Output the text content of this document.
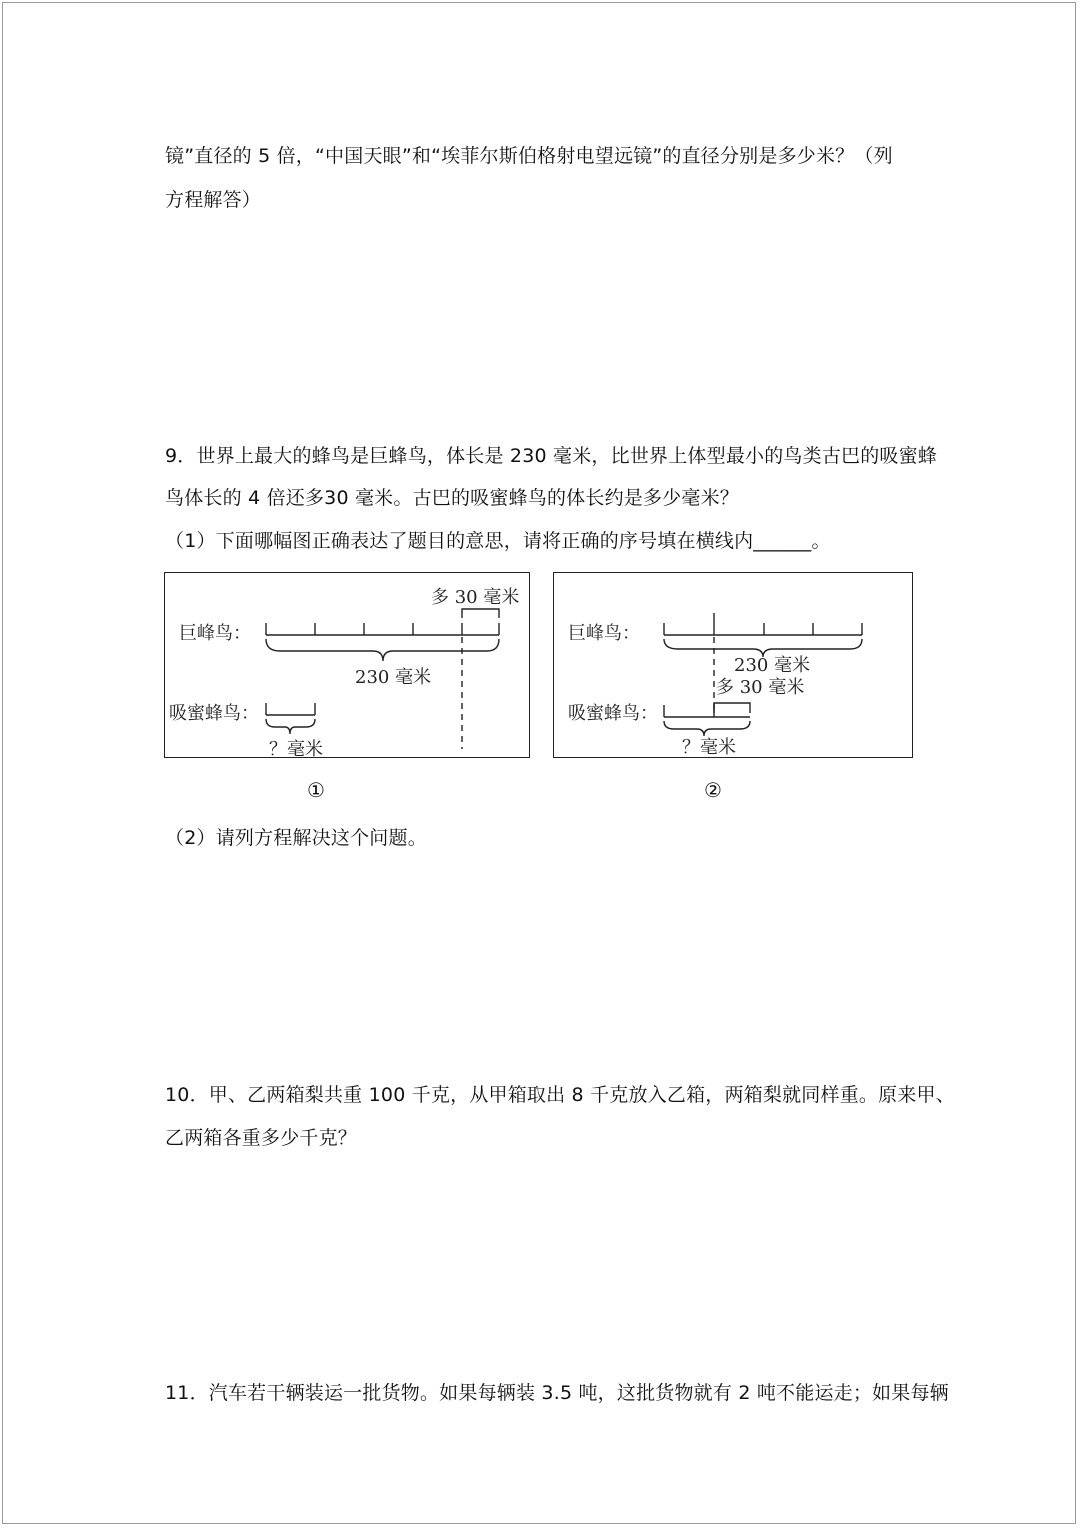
镜”直径的 5 倍，“中国天眼”和“埃菲尔斯伯格射电望远镜”的直径分别是多少米？（列
方程解答）
9．世界上最大的蜂鸟是巨蜂鸟，体长是 230 毫米，比世界上体型最小的鸟类古巴的吸蜜蜂
鸟体长的 4 倍还多30 毫米。古巴的吸蜜蜂鸟的体长约是多少毫米？
（1）下面哪幅图正确表达了题目的意思，请将正确的序号填在横线内______。
巨峰鸟：
吸蜜蜂鸟：
多 30 毫米
230 毫米
？毫米
①
巨峰鸟：
吸蜜蜂鸟：
230 毫米
多 30 毫米
？毫米
②
（2）请列方程解决这个问题。
10．甲、乙两箱梨共重 100 千克，从甲箱取出 8 千克放入乙箱，两箱梨就同样重。原来甲、
乙两箱各重多少千克？
11．汽车若干辆装运一批货物。如果每辆装 3.5 吨，这批货物就有 2 吨不能运走；如果每辆
